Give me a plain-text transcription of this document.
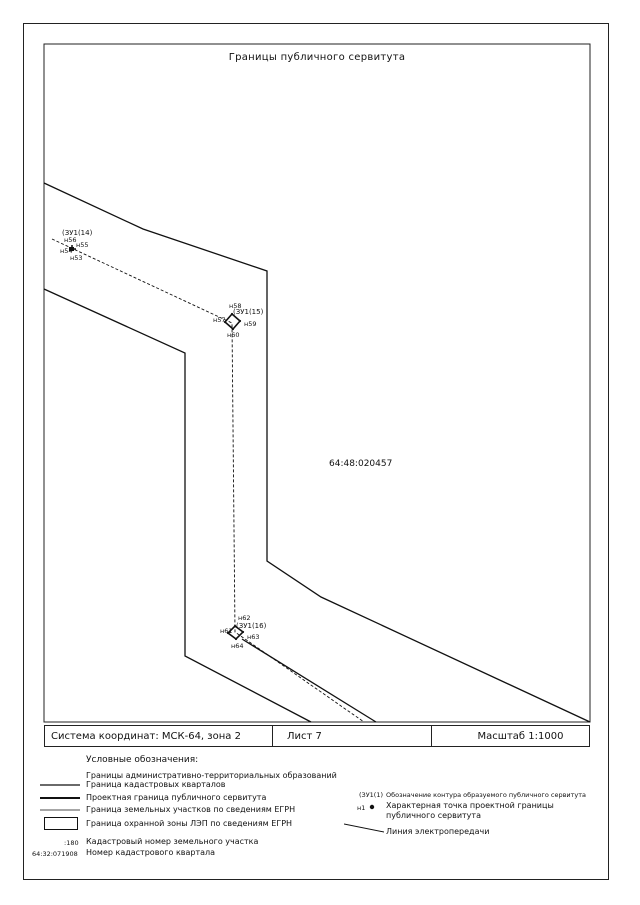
Границы публичного сервитута
64:48:020457
(ЗУ1(14)
(ЗУ1(15)
(ЗУ1(16)
н54
н55
н56
н53
н58
н57	н59
н60
н62
н61
н63
н64
Система координат: МСК-64, зона 2	Лист 7	Масштаб 1:1000
Условные обозначения:
Границы административно-территориальных образований
Граница кадастровых кварталов
Проектная граница публичного сервитута
Граница земельных участков по сведениям ЕГРН
Граница охранной зоны ЛЭП по сведениям ЕГРН
:180 Кадастровый номер земельного участка
64:32:071908 Номер кадастрового квартала
(ЗУ1(1) Обозначение контура образуемого публичного сервитута
н1	Характерная точка проектной границы публичного сервитута
Линия электропередачи
